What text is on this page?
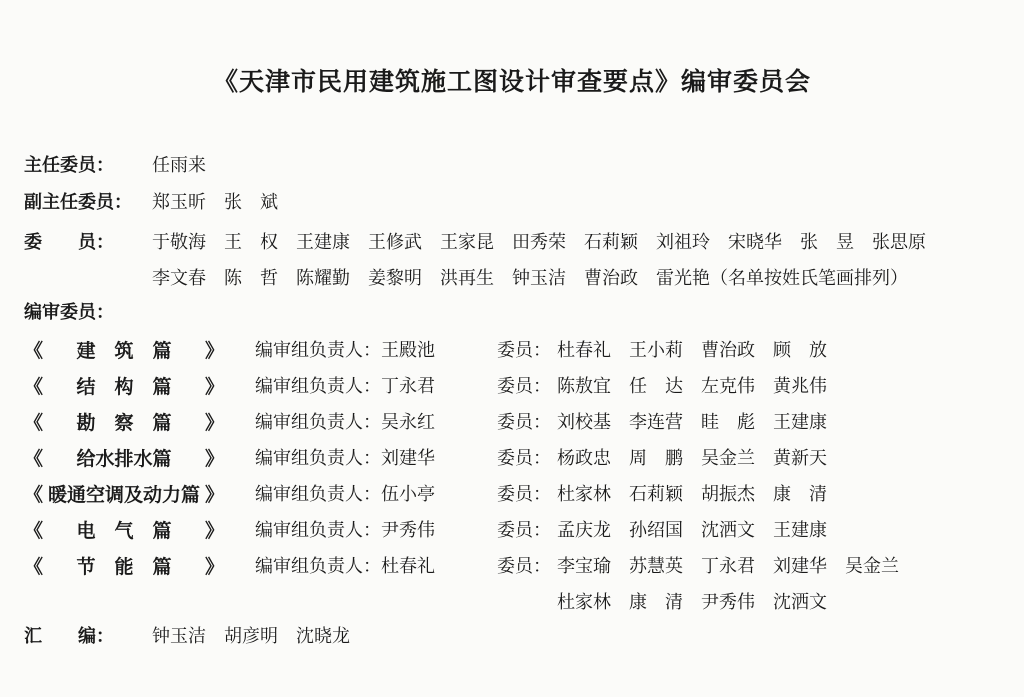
《天津市民用建筑施工图设计审查要点》编审委员会
主任委员： 任雨来
副主任委员： 郑玉昕　张　斌
委　　员： 于敬海　王　权　王建康　王修武　王家昆　田秀荣　石莉颖　刘祖玲　宋晓华　张　昱　张思原
李文春　陈　哲　陈耀勤　姜黎明　洪再生　钟玉洁　曹治政　雷光艳（名单按姓氏笔画排列）
编审委员：
《	建　筑　篇	》 编审组负责人：王殿池	委员： 杜春礼　王小莉　曹治政　顾　放
《	结　构　篇	》 编审组负责人：丁永君	委员： 陈敖宜　任　达　左克伟　黄兆伟
《	勘　察　篇	》 编审组负责人：吴永红	委员： 刘校基　李连营　眭　彪　王建康
《	给水排水篇	》 编审组负责人：刘建华	委员： 杨政忠　周　鹏　吴金兰　黄新天
《 暖通空调及动力篇 》 编审组负责人：伍小亭	委员： 杜家林　石莉颖　胡振杰　康　清
《	电　气　篇	》 编审组负责人：尹秀伟	委员： 孟庆龙　孙绍国　沈洒文　王建康
《	节　能　篇	》 编审组负责人：杜春礼	委员： 李宝瑜　苏慧英　丁永君　刘建华　吴金兰
杜家林　康　清　尹秀伟　沈洒文
汇　　编： 钟玉洁　胡彦明　沈晓龙
